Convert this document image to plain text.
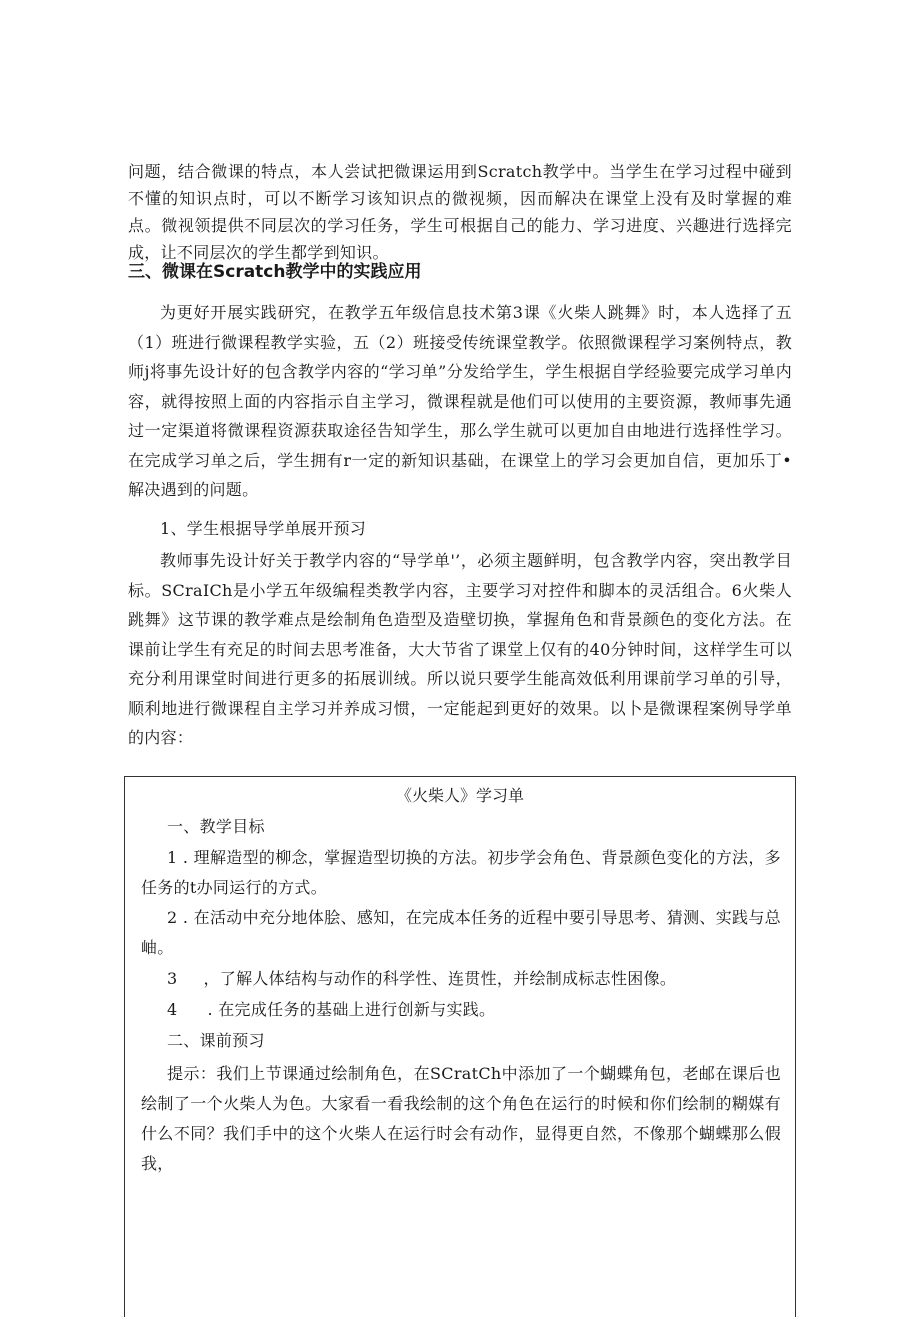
问题，结合微课的特点，本人尝试把微课运用到Scratch教学中。当学生在学习过程中碰到不懂的知识点时，可以不断学习该知识点的微视频，因而解决在课堂上没有及时掌握的难点。微视领提供不同层次的学习任务，学生可根据自己的能力、学习进度、兴趣进行选择完成，让不同层次的学生都学到知识。

三、微课在Scratch教学中的实践应用

为更好开展实践研究，在教学五年级信息技术第3课《火柴人跳舞》时，本人选择了五（1）班进行微课程教学实验，五（2）班接受传统课堂教学。依照微课程学习案例特点，教师j将事先设计好的包含教学内容的“学习单”分发给学生，学生根据自学经验要完成学习单内容，就得按照上面的内容指示自主学习，微课程就是他们可以使用的主要资源，教师事先通过一定渠道将微课程资源获取途径告知学生，那么学生就可以更加自由地进行选择性学习。在完成学习单之后，学生拥有r一定的新知识基础，在课堂上的学习会更加自信，更加乐丁•解决遇到的问题。

1、学生根据导学单展开预习

教师事先设计好关于教学内容的“导学单'’，必须主题鲜明，包含教学内容，突出教学目标。SCraICh是小学五年级编程类教学内容，主要学习对控件和脚本的灵活组合。6火柴人跳舞》这节课的教学难点是绘制角色造型及造壁切换，掌握角色和背景颜色的变化方法。在课前让学生有充足的时间去思考准备，大大节省了课堂上仅有的40分钟时间，这样学生可以充分利用课堂时间进行更多的拓展训绒。所以说只要学生能高效低利用课前学习单的引导，顺利地进行微课程自主学习并养成习惯，一定能起到更好的效果。以卜是微课程案例导学单的内容：

《火柴人》学习单

一、教学目标

1 . 理解造型的柳念，掌握造型切换的方法。初步学会角色、背景颜色变化的方法，多任务的t办同运行的方式。

2 . 在活动中充分地体脍、感知，在完成本任务的近程中要引导思考、猜测、实践与总岫。

3 ，了解人体结构与动作的科学性、连贯性，并绘制成标志性困像。

4 . 在完成任务的基础上进行创新与实践。

二、课前预习

提示：我们上节课通过绘制角色，在SCratCh中添加了一个蝴蝶角包，老邮在课后也绘制了一个火柴人为色。大家看一看我绘制的这个角色在运行的时候和你们绘制的糊媒有什么不同？我们手中的这个火柴人在运行时会有动作，显得更自然，不像那个蝴蝶那么假我，
